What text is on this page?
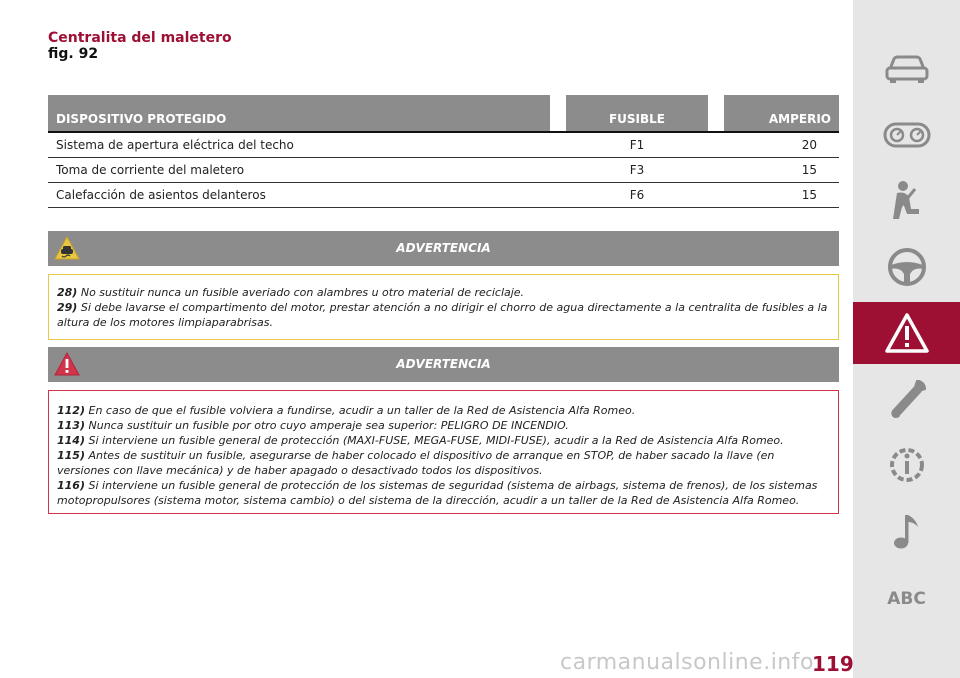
Centralita del maletero
fig. 92
DISPOSITIVO PROTEGIDO		FUSIBLE		AMPERIO
Sistema de apertura eléctrica del techo		F1		20
Toma de corriente del maletero		F3		15
Calefacción de asientos delanteros		F6		15
ADVERTENCIA

28) No sustituir nunca un fusible averiado con alambres u otro material de reciclaje.

29) Si debe lavarse el compartimento del motor, prestar atención a no dirigir el chorro de agua directamente a la centralita de fusibles a la altura de los motores limpiaparabrisas.

ADVERTENCIA

112) En caso de que el fusible volviera a fundirse, acudir a un taller de la Red de Asistencia Alfa Romeo.

113) Nunca sustituir un fusible por otro cuyo amperaje sea superior: PELIGRO DE INCENDIO.

114) Si interviene un fusible general de protección (MAXI-FUSE, MEGA-FUSE, MIDI-FUSE), acudir a la Red de Asistencia Alfa Romeo.

115) Antes de sustituir un fusible, asegurarse de haber colocado el dispositivo de arranque en STOP, de haber sacado la llave (en versiones con llave mecánica) y de haber apagado o desactivado todos los dispositivos.

116) Si interviene un fusible general de protección de los sistemas de seguridad (sistema de airbags, sistema de frenos), de los sistemas motopropulsores (sistema motor, sistema cambio) o del sistema de la dirección, acudir a un taller de la Red de Asistencia Alfa Romeo.

ABC
carmanualsonline.info
119
